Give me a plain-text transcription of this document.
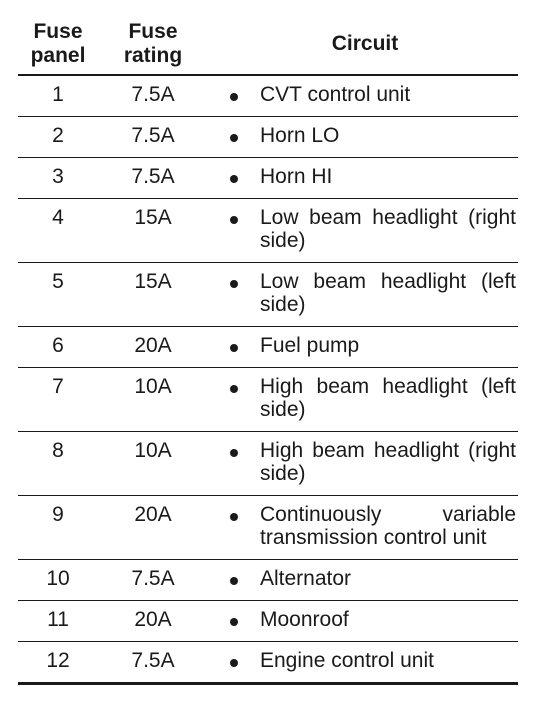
Fuse panel	Fuse rating	Circuit	
1	7.5A		CVT control unit
2	7.5A		Horn LO
3	7.5A		Horn HI
4	15A		Low beam headlight (right side)
5	15A		Low beam headlight (left side)
6	20A		Fuel pump
7	10A		High beam headlight (left side)
8	10A		High beam headlight (right side)
9	20A		Continuously variable transmission control unit
10	7.5A		Alternator
11	20A		Moonroof
12	7.5A		Engine control unit
